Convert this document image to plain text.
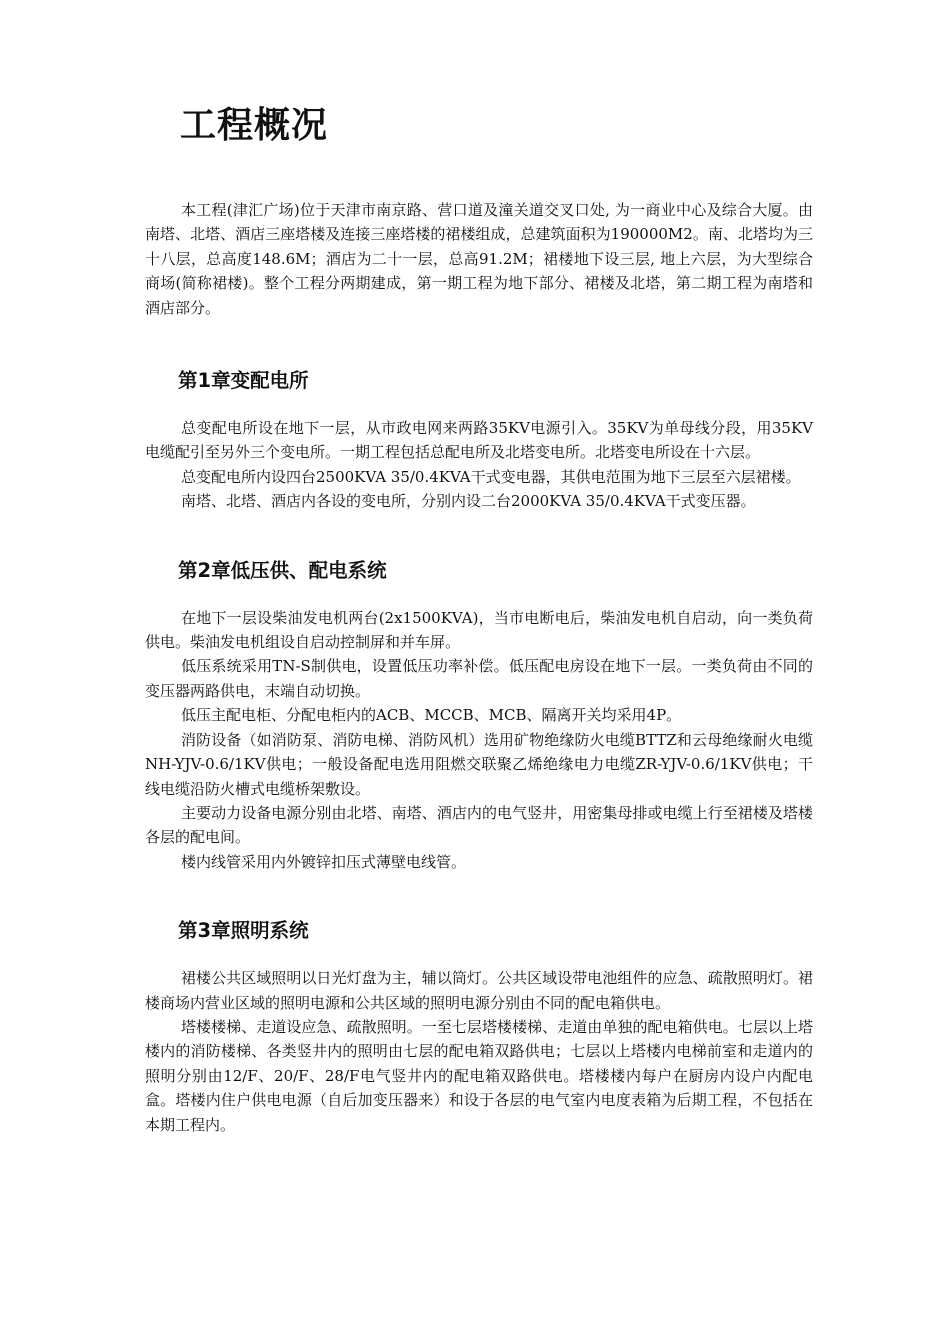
工程概况

本工程(津汇广场)位于天津市南京路、营口道及潼关道交叉口处, 为一商业中心及综合大厦。由南塔、北塔、酒店三座塔楼及连接三座塔楼的裙楼组成，总建筑面积为190000M2。南、北塔均为三十八层，总高度148.6M；酒店为二十一层，总高91.2M；裙楼地下设三层, 地上六层，为大型综合商场(简称裙楼)。整个工程分两期建成，第一期工程为地下部分、裙楼及北塔，第二期工程为南塔和酒店部分。

第1章变配电所

总变配电所设在地下一层，从市政电网来两路35KV电源引入。35KV为单母线分段，用35KV电缆配引至另外三个变电所。一期工程包括总配电所及北塔变电所。北塔变电所设在十六层。

总变配电所内设四台2500KVA 35/0.4KVA干式变电器，其供电范围为地下三层至六层裙楼。

南塔、北塔、酒店内各设的变电所，分别内设二台2000KVA 35/0.4KVA干式变压器。

第2章低压供、配电系统

在地下一层设柴油发电机两台(2x1500KVA)，当市电断电后，柴油发电机自启动，向一类负荷供电。柴油发电机组设自启动控制屏和并车屏。

低压系统采用TN-S制供电，设置低压功率补偿。低压配电房设在地下一层。一类负荷由不同的变压器两路供电，末端自动切换。

低压主配电柜、分配电柜内的ACB、MCCB、MCB、隔离开关均采用4P。

消防设备（如消防泵、消防电梯、消防风机）选用矿物绝缘防火电缆BTTZ和云母绝缘耐火电缆NH-YJV-0.6/1KV供电；一般设备配电选用阻燃交联聚乙烯绝缘电力电缆ZR-YJV-0.6/1KV供电；干线电缆沿防火槽式电缆桥架敷设。

主要动力设备电源分别由北塔、南塔、酒店内的电气竖井，用密集母排或电缆上行至裙楼及塔楼各层的配电间。

楼内线管采用内外镀锌扣压式薄壁电线管。

第3章照明系统

裙楼公共区域照明以日光灯盘为主，辅以筒灯。公共区域设带电池组件的应急、疏散照明灯。裙楼商场内营业区域的照明电源和公共区域的照明电源分别由不同的配电箱供电。

塔楼楼梯、走道设应急、疏散照明。一至七层塔楼楼梯、走道由单独的配电箱供电。七层以上塔楼内的消防楼梯、各类竖井内的照明由七层的配电箱双路供电；七层以上塔楼内电梯前室和走道内的照明分别由12/F、20/F、28/F电气竖井内的配电箱双路供电。塔楼楼内每户在厨房内设户内配电盒。塔楼内住户供电电源（自后加变压器来）和设于各层的电气室内电度表箱为后期工程，不包括在本期工程内。
